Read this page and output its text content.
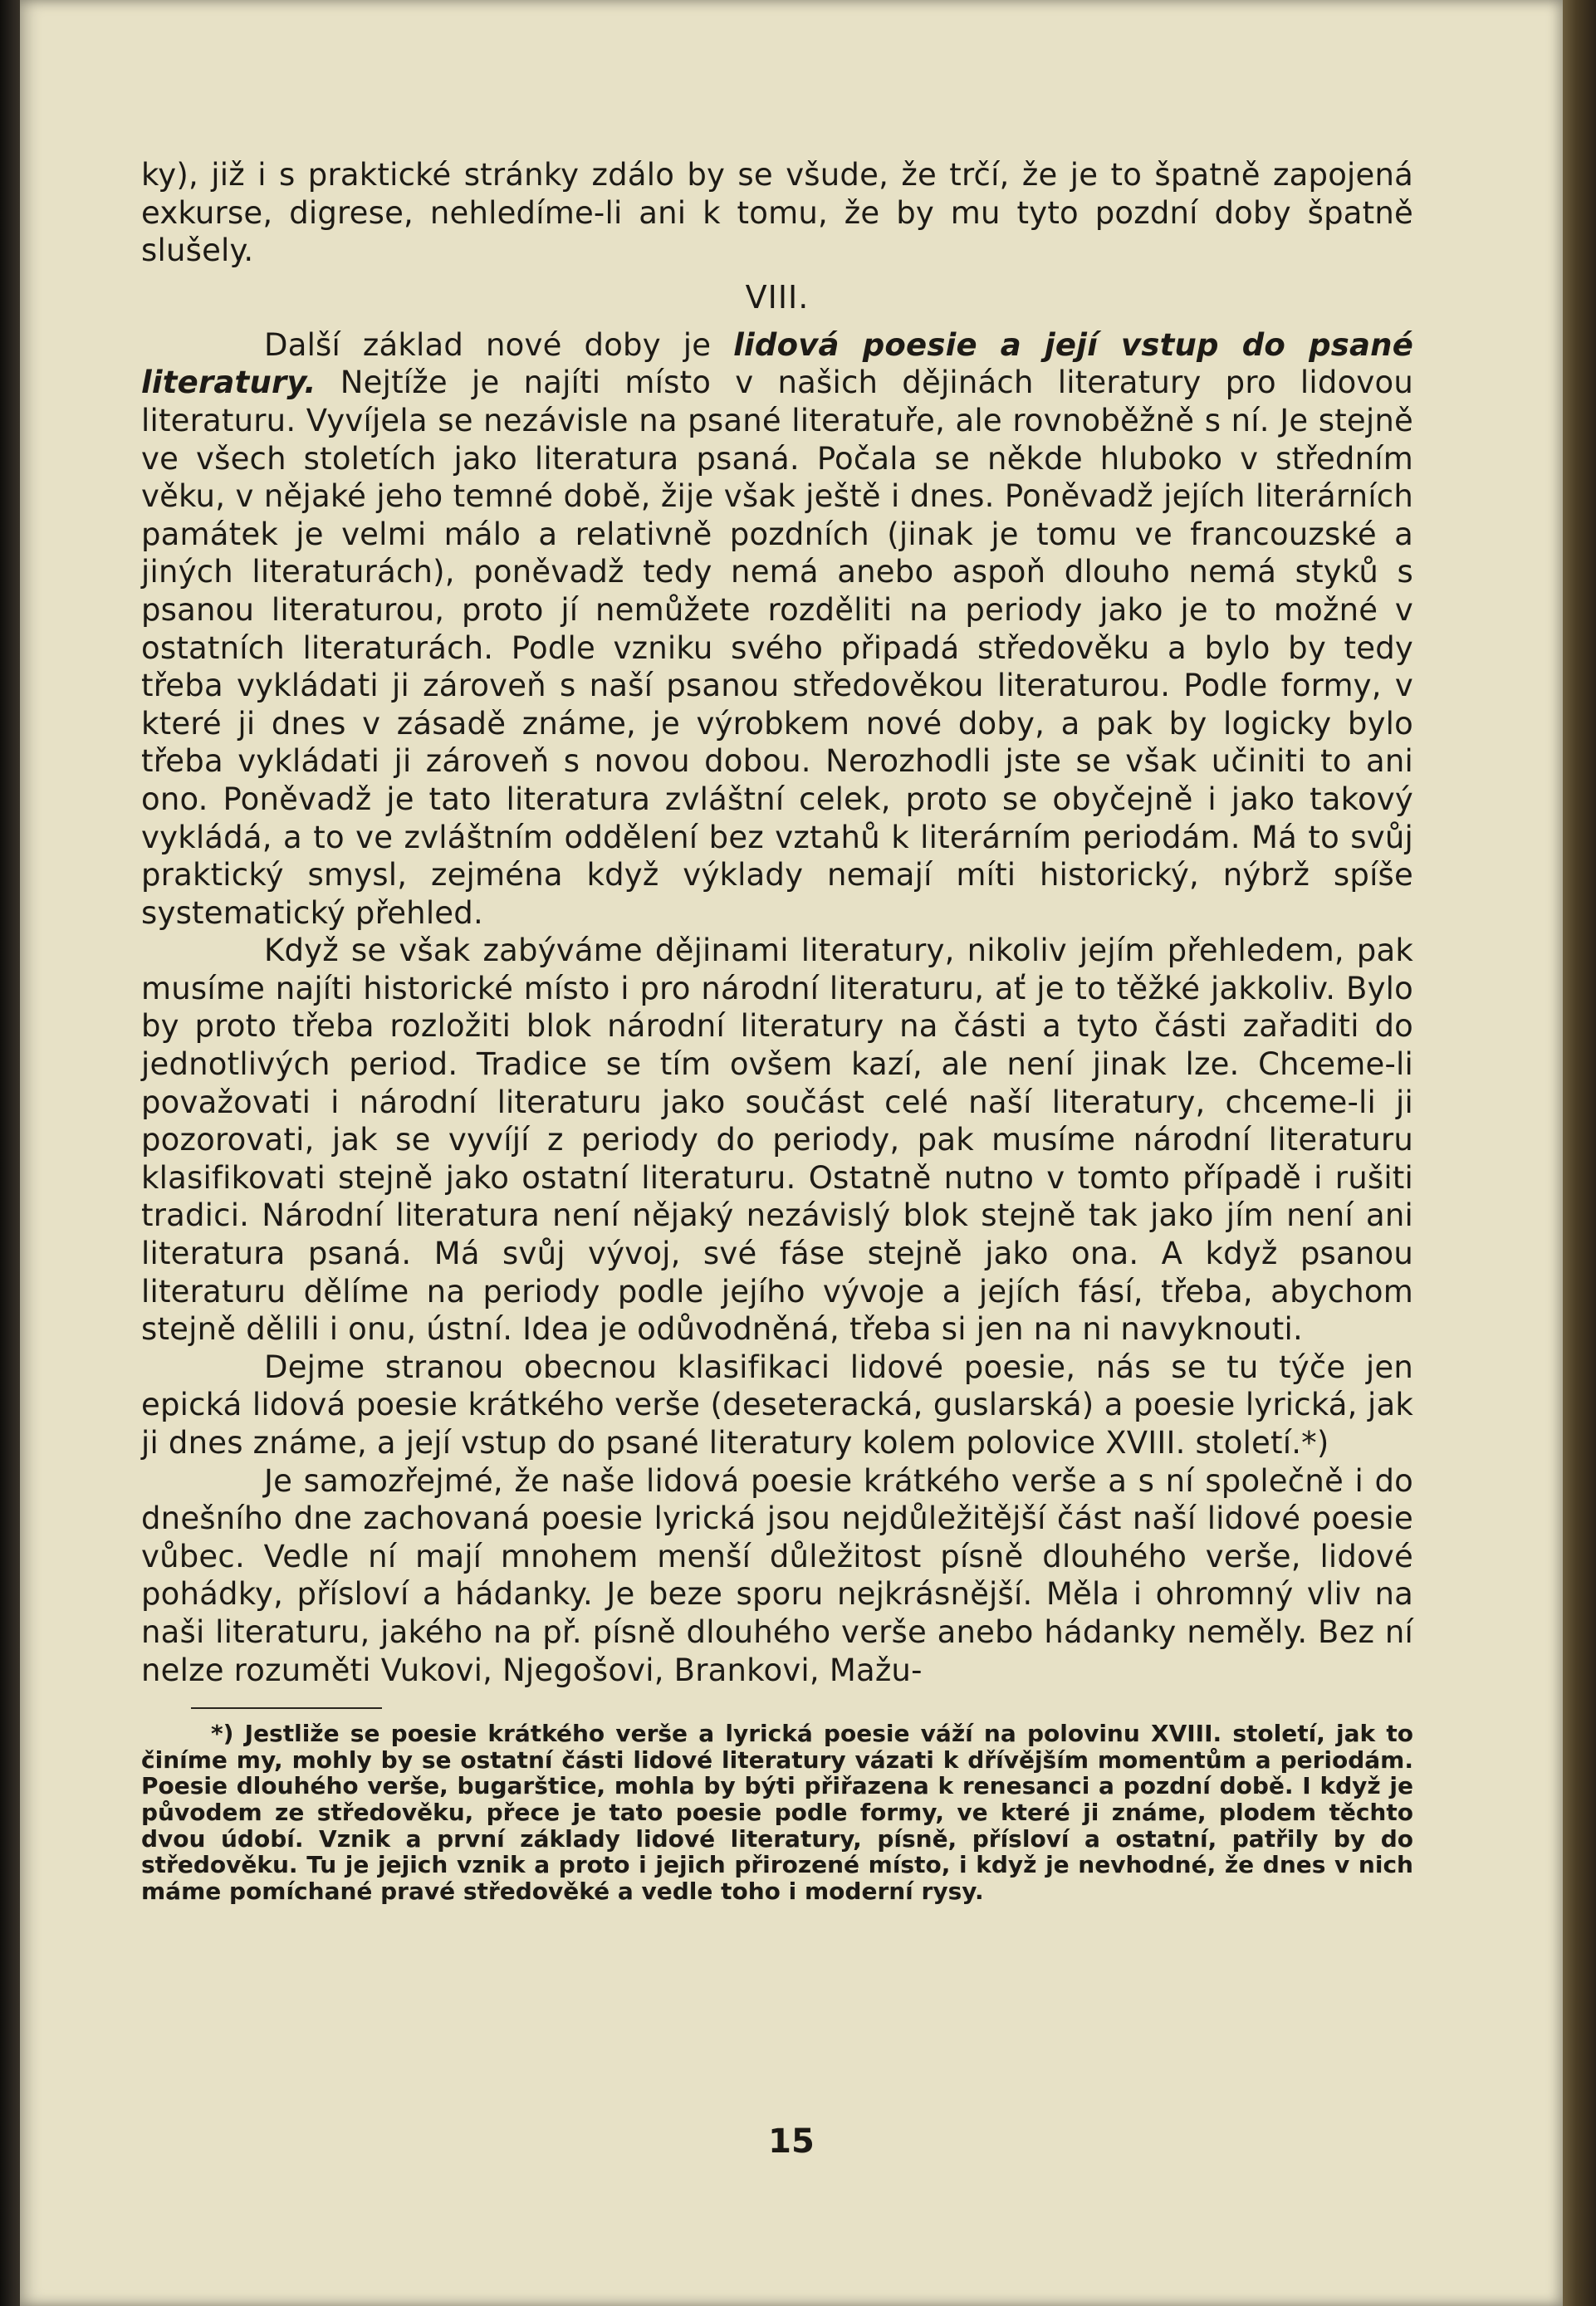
ky), již i s praktické stránky zdálo by se všude, že trčí, že je to špatně zapojená exkurse, digrese, nehledíme-li ani k tomu, že by mu tyto pozdní doby špatně slušely.

VIII.

Další základ nové doby je lidová poesie a její vstup do psané literatury. Nejtíže je najíti místo v našich dějinách literatury pro lidovou literaturu. Vyvíjela se nezávisle na psané literatuře, ale rovnoběžně s ní. Je stejně ve všech stoletích jako literatura psaná. Počala se někde hluboko v středním věku, v nějaké jeho temné době, žije však ještě i dnes. Poněvadž jejích literárních památek je velmi málo a relativně pozdních (jinak je tomu ve francouzské a jiných literaturách), poněvadž tedy nemá anebo aspoň dlouho nemá styků s psanou literaturou, proto jí nemůžete rozděliti na periody jako je to možné v ostatních literaturách. Podle vzniku svého připadá středověku a bylo by tedy třeba vykládati ji zároveň s naší psanou středověkou literaturou. Podle formy, v které ji dnes v zásadě známe, je výrobkem nové doby, a pak by logicky bylo třeba vykládati ji zároveň s novou dobou. Nerozhodli jste se však učiniti to ani ono. Poněvadž je tato literatura zvláštní celek, proto se obyčejně i jako takový vykládá, a to ve zvláštním oddělení bez vztahů k literárním periodám. Má to svůj praktický smysl, zejména když výklady nemají míti historický, nýbrž spíše systematický přehled.

Když se však zabýváme dějinami literatury, nikoliv jejím přehledem, pak musíme najíti historické místo i pro národní literaturu, ať je to těžké jakkoliv. Bylo by proto třeba rozložiti blok národní literatury na části a tyto části zařaditi do jednotlivých period. Tradice se tím ovšem kazí, ale není jinak lze. Chceme-li považovati i národní literaturu jako součást celé naší literatury, chceme-li ji pozorovati, jak se vyvíjí z periody do periody, pak musíme národní literaturu klasifikovati stejně jako ostatní literaturu. Ostatně nutno v tomto případě i rušiti tradici. Národní literatura není nějaký nezávislý blok stejně tak jako jím není ani literatura psaná. Má svůj vývoj, své fáse stejně jako ona. A když psanou literaturu dělíme na periody podle jejího vývoje a jejích fásí, třeba, abychom stejně dělili i onu, ústní. Idea je odůvodněná, třeba si jen na ni navyknouti.

Dejme stranou obecnou klasifikaci lidové poesie, nás se tu týče jen epická lidová poesie krátkého verše (deseteracká, guslarská) a poesie lyrická, jak ji dnes známe, a její vstup do psané literatury kolem polovice XVIII. století.*)

Je samozřejmé, že naše lidová poesie krátkého verše a s ní společně i do dnešního dne zachovaná poesie lyrická jsou nejdůležitější část naší lidové poesie vůbec. Vedle ní mají mnohem menší důležitost písně dlouhého verše, lidové pohádky, přísloví a hádanky. Je beze sporu nejkrásnější. Měla i ohromný vliv na naši literaturu, jakého na př. písně dlouhého verše anebo hádanky neměly. Bez ní nelze rozuměti Vukovi, Njegošovi, Brankovi, Mažu-

*) Jestliže se poesie krátkého verše a lyrická poesie váží na polovinu XVIII. století, jak to činíme my, mohly by se ostatní části lidové literatury vázati k dřívějším momentům a periodám. Poesie dlouhého verše, bugarštice, mohla by býti přiřazena k renesanci a pozdní době. I když je původem ze středověku, přece je tato poesie podle formy, ve které ji známe, plodem těchto dvou údobí. Vznik a první základy lidové literatury, písně, přísloví a ostatní, patřily by do středověku. Tu je jejich vznik a proto i jejich přirozené místo, i když je nevhodné, že dnes v nich máme pomíchané pravé středověké a vedle toho i moderní rysy.

15
